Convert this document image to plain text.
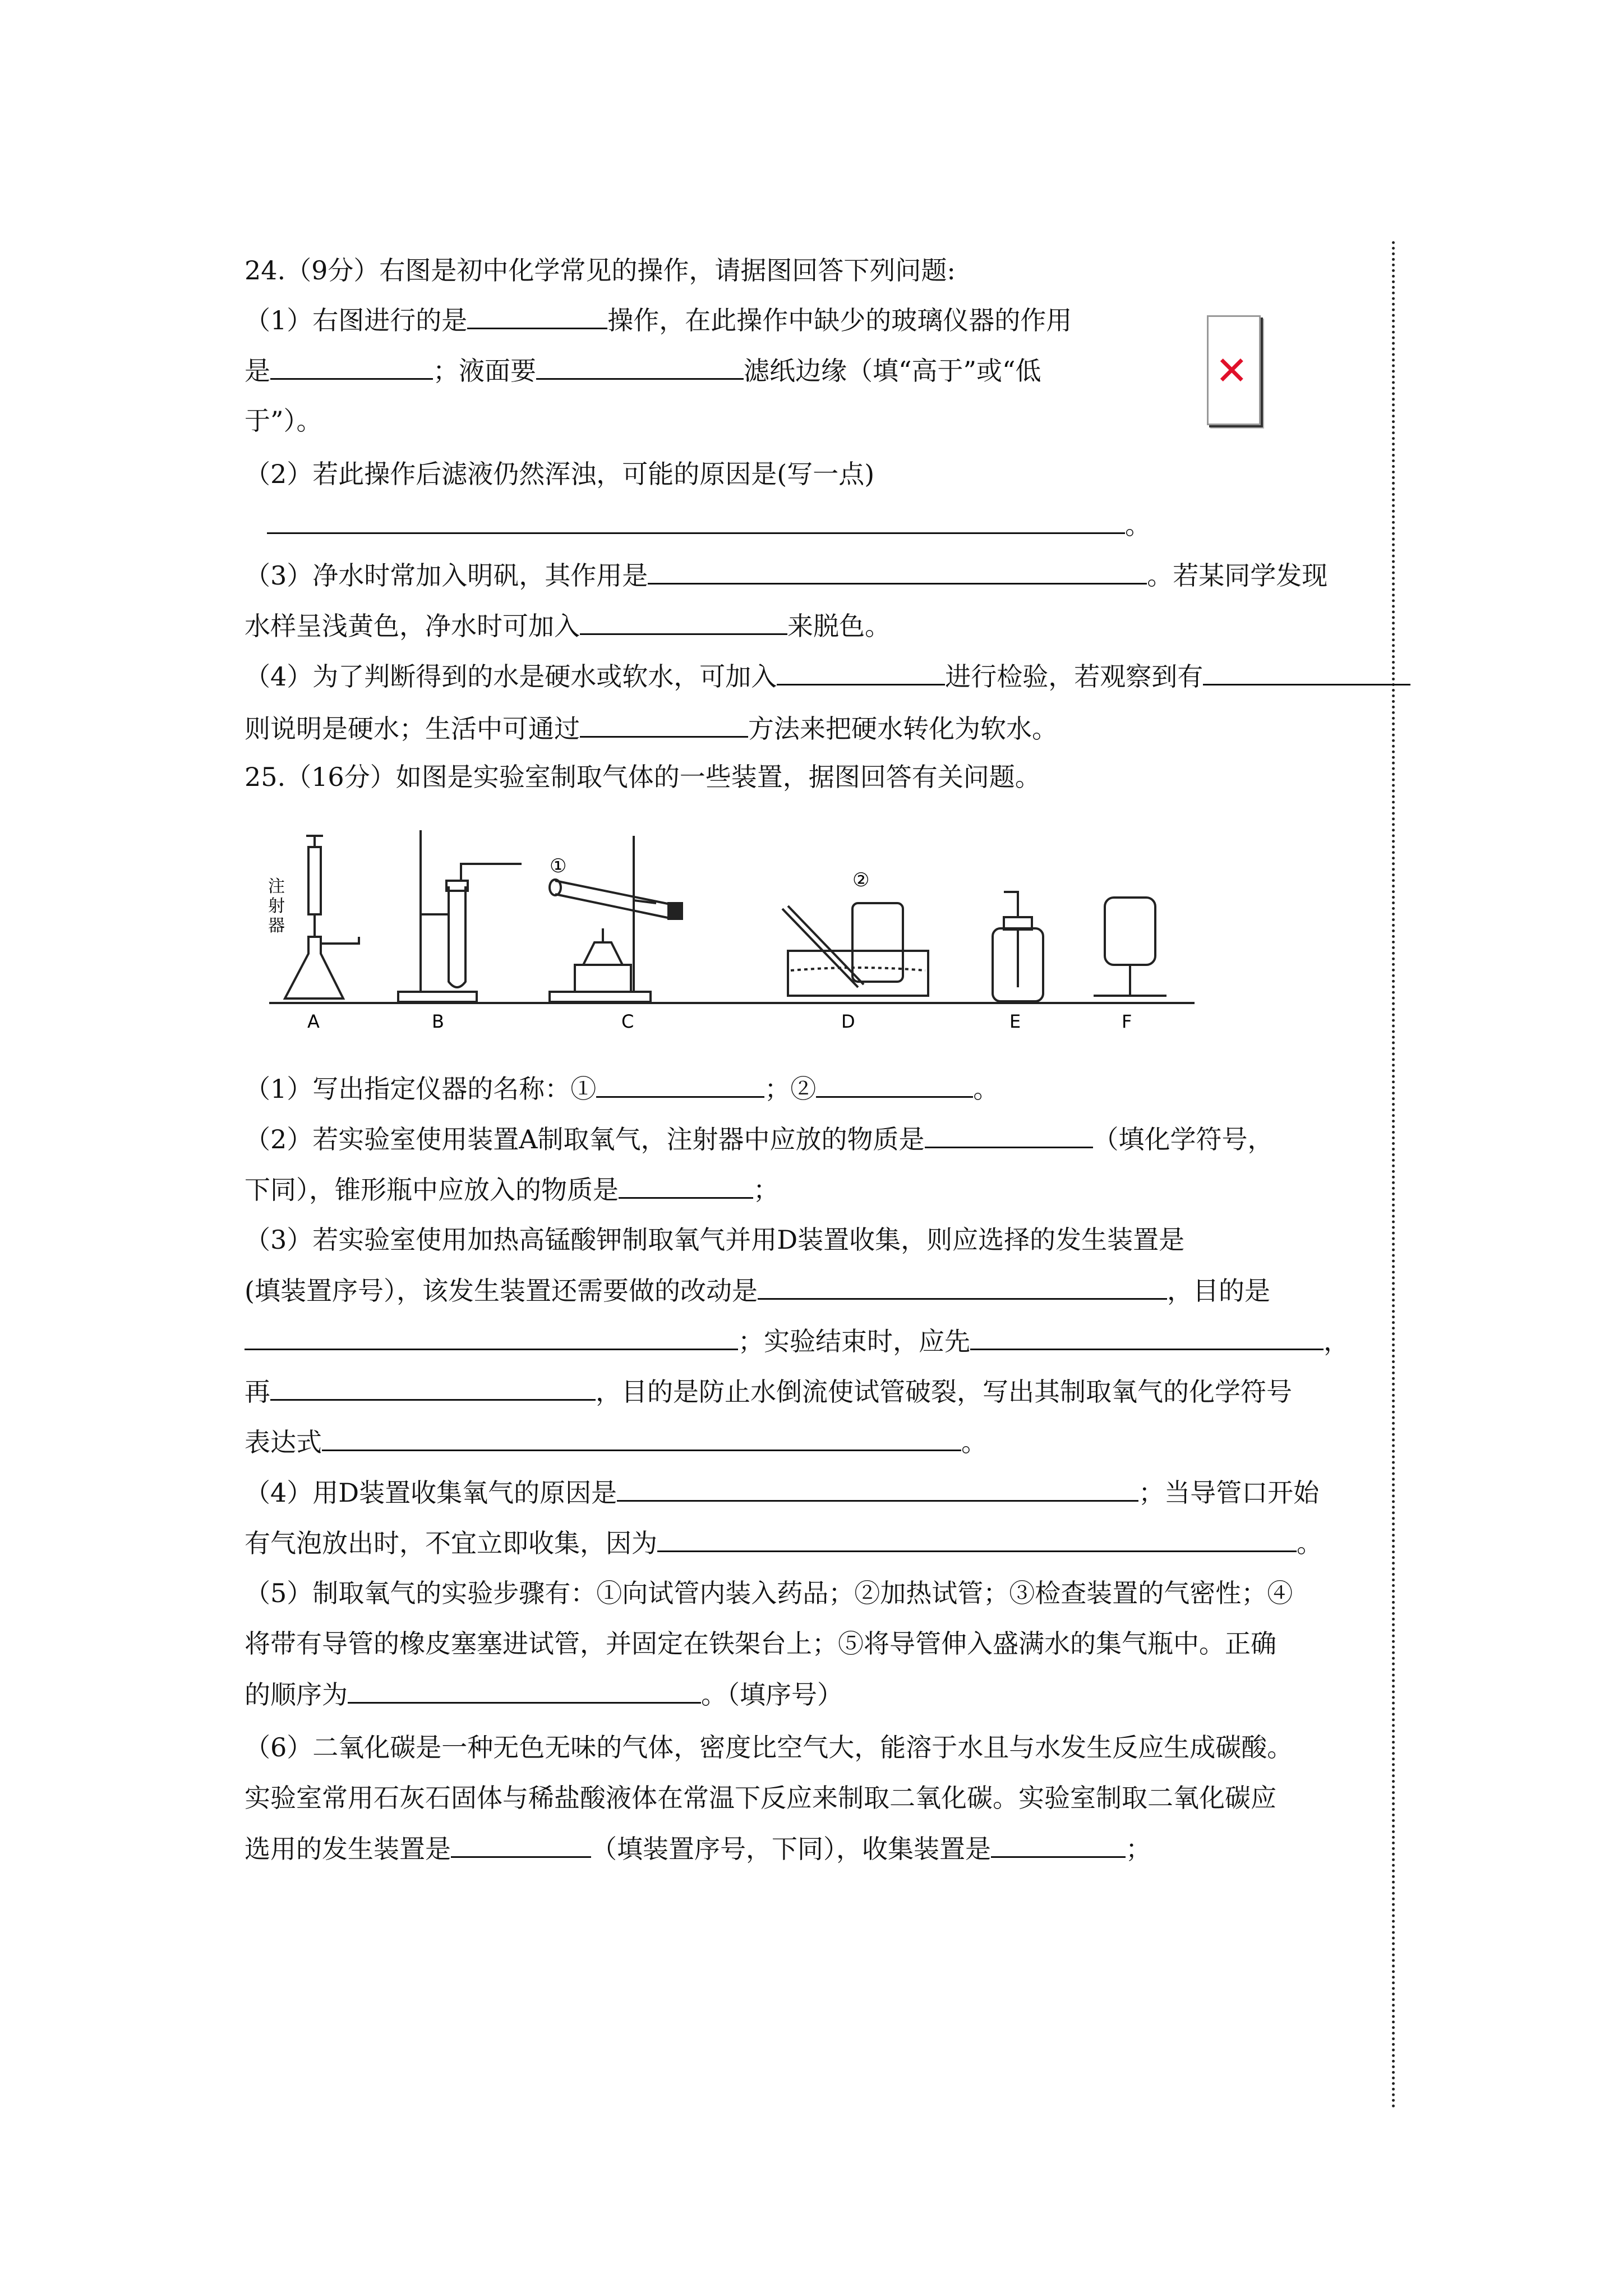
✕
24.（9分）右图是初中化学常见的操作，请据图回答下列问题:
（1）右图进行的是	操作，在此操作中缺少的玻璃仪器的作用
是	；液面要	滤纸边缘（填“高于”或“低
于”）。
（2）若此操作后滤液仍然浑浊，可能的原因是(写一点)
。
（3）净水时常加入明矾，其作用是	。若某同学发现
水样呈浅黄色，净水时可加入	来脱色。
（4）为了判断得到的水是硬水或软水，可加入	进行检验，若观察到有
则说明是硬水；生活中可通过	方法来把硬水转化为软水。
25.（16分）如图是实验室制取气体的一些装置，据图回答有关问题。
注
射
器
①
②
A	B	C	D	E	F
（1）写出指定仪器的名称：①	；②	。
（2）若实验室使用装置A制取氧气，注射器中应放的物质是	（填化学符号，
下同），锥形瓶中应放入的物质是	；
（3）若实验室使用加热高锰酸钾制取氧气并用D装置收集，则应选择的发生装置是
(填装置序号），该发生装置还需要做的改动是	，目的是
；实验结束时，应先	，
再	，目的是防止水倒流使试管破裂，写出其制取氧气的化学符号
表达式	。
（4）用D装置收集氧气的原因是	；当导管口开始
有气泡放出时，不宜立即收集，因为	。
（5）制取氧气的实验步骤有：①向试管内装入药品；②加热试管；③检查装置的气密性；④
将带有导管的橡皮塞塞进试管，并固定在铁架台上；⑤将导管伸入盛满水的集气瓶中。正确
的顺序为	。（填序号）
（6）二氧化碳是一种无色无味的气体，密度比空气大，能溶于水且与水发生反应生成碳酸。
实验室常用石灰石固体与稀盐酸液体在常温下反应来制取二氧化碳。实验室制取二氧化碳应
选用的发生装置是	（填装置序号，下同），收集装置是	；
